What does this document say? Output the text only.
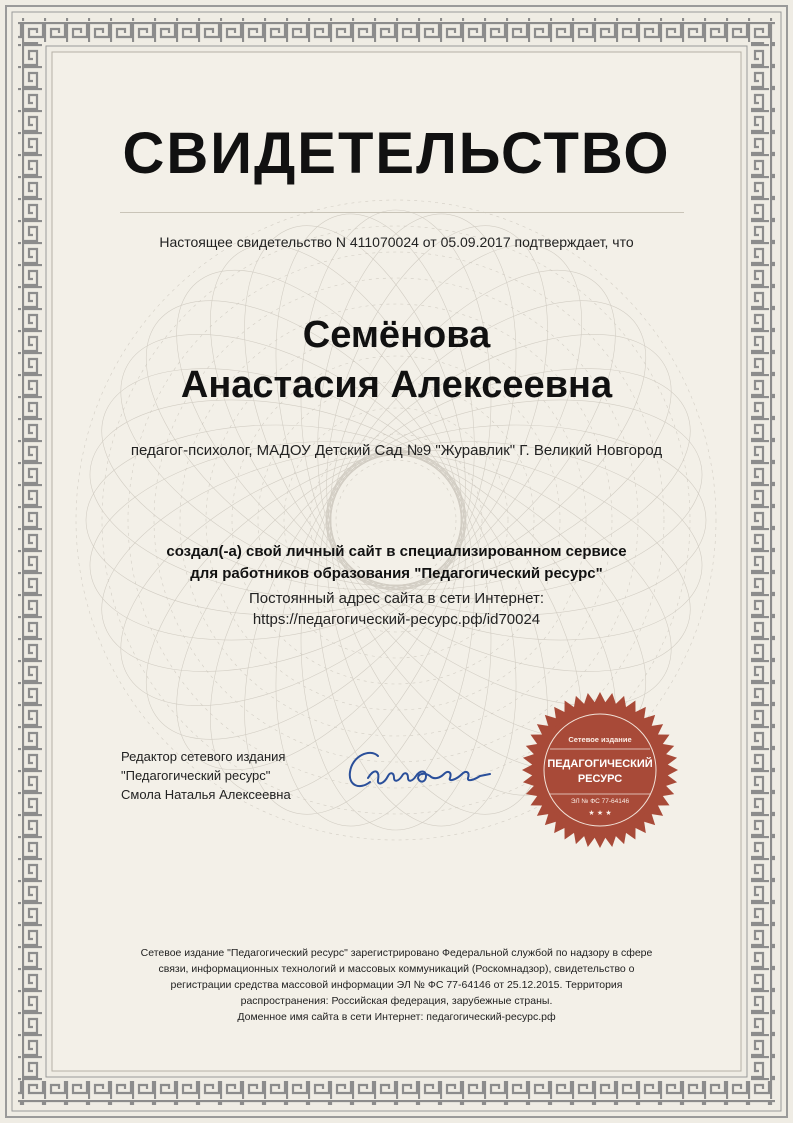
СВИДЕТЕЛЬСТВО
Настоящее свидетельство N 411070024 от 05.09.2017 подтверждает, что
Семёнова
Анастасия Алексеевна
педагог-психолог, МАДОУ Детский Сад №9 "Журавлик" Г. Великий Новгород
создал(-а) свой личный сайт в специализированном сервисе
для работников образования "Педагогический ресурс"
Постоянный адрес сайта в сети Интернет:
https://педагогический-ресурс.рф/id70024
Редактор сетевого издания
"Педагогический ресурс"
Смола Наталья Алексеевна
Сетевое издание
ПЕДАГОГИЧЕСКИЙ
РЕСУРС
ЭЛ № ФС 77-64146
★ ★ ★
Сетевое издание "Педагогический ресурс" зарегистрировано Федеральной службой по надзору в сфере
связи, информационных технологий и массовых коммуникаций (Роскомнадзор), свидетельство о
регистрации средства массовой информации ЭЛ № ФС 77-64146 от 25.12.2015. Территория
распространения: Российская федерация, зарубежные страны.
Доменное имя сайта в сети Интернет: педагогический-ресурс.рф
